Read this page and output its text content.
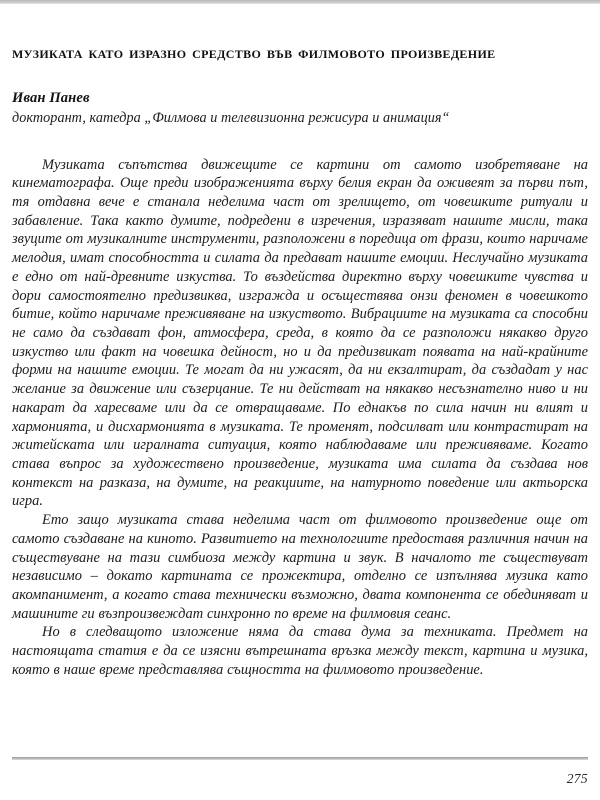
музиката като изразно средство във филмовото произведение

Иван Панев

докторант, катедра „Филмова и телевизионна режисура и анимация“

Музиката съпътства движещите се картини от самото изобретяване на кинематографа. Още преди изображенията върху белия екран да оживеят за първи път, тя отдавна вече е станала неделима част от зрелището, от човешките ритуали и забавление. Така както думите, подредени в изречения, изразяват нашите мисли, така звуците от музикалните инструменти, разположени в поредица от фрази, които наричаме мелодия, имат способността и силата да предават нашите емоции. Неслучайно музиката е едно от най-древните изкуства. То въздейства директно върху човешките чувства и дори самостоятелно предизвиква, изгражда и осъществява онзи феномен в човешкото битие, който наричаме преживяване на изкуството. Вибрациите на музиката са способни не само да създават фон, атмосфера, среда, в която да се разположи някакво друго изкуство или факт на човешка дейност, но и да предизвикат появата на най-крайните форми на нашите емоции. Те могат да ни ужасят, да ни екзалтират, да създадат у нас желание за движение или съзерцание. Те ни действат на някакво несъзнателно ниво и ни накарат да харесваме или да се отвращаваме. По еднакъв по сила начин ни влият и хармонията, и дисхармонията в музиката. Те променят, подсилват или контрастират на житейската или игралната ситуация, която наблюдаваме или преживяваме. Когато става въпрос за художествено произведение, музиката има силата да създава нов контекст на разказа, на думите, на реакциите, на натурното поведение или актьорска игра.

Ето защо музиката става неделима част от филмовото произведение още от самото създаване на киното. Развитието на технологиите предоставя различния начин на съществуване на тази симбиоза между картина и звук. В началото те съществуват независимо – докато картината се прожектира, отделно се изпълнява музика като акомпанимент, а когато става технически възможно, двата компонента се обединяват и машините ги възпроизвеждат синхронно по време на филмовия сеанс.

Но в следващото изложение няма да става дума за техниката. Предмет на настоящата статия е да се изясни вътрешната връзка между текст, картина и музика, която в наше време представлява същността на филмовото произведение.

275
